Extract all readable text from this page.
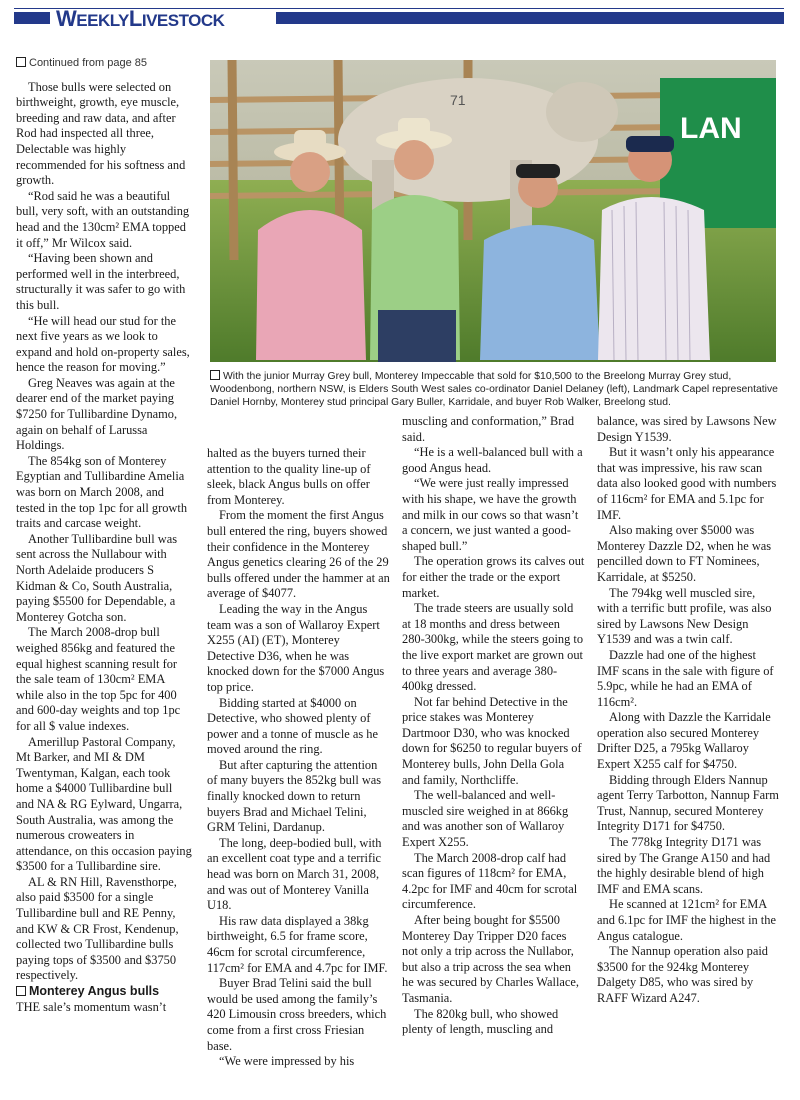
WEEKLYLIVESTOCK
Continued from page 85

Those bulls were selected on birthweight, growth, eye muscle, breeding and raw data, and after Rod had inspected all three, Delectable was highly recommended for his softness and growth.

“Rod said he was a beautiful bull, very soft, with an outstanding head and the 130cm² EMA topped it off,” Mr Wilcox said.

“Having been shown and performed well in the interbreed, structurally it was safer to go with this bull.

“He will head our stud for the next five years as we look to expand and hold on-property sales, hence the reason for moving.”

Greg Neaves was again at the dearer end of the market paying $7250 for Tullibardine Dynamo, again on behalf of Larussa Holdings.

The 854kg son of Monterey Egyptian and Tullibardine Amelia was born on March 2008, and tested in the top 1pc for all growth traits and carcase weight.

Another Tullibardine bull was sent across the Nullabour with North Adelaide producers S Kidman & Co, South Australia, paying $5500 for Dependable, a Monterey Gotcha son.

The March 2008-drop bull weighed 856kg and featured the equal highest scanning result for the sale team of 130cm² EMA while also in the top 5pc for 400 and 600-day weights and top 1pc for all $ value indexes.

Amerillup Pastoral Company, Mt Barker, and MI & DM Twentyman, Kalgan, each took home a $4000 Tullibardine bull and NA & RG Eylward, Ungarra, South Australia, was among the numerous croweaters in attendance, on this occasion paying $3500 for a Tullibardine sire.

AL & RN Hill, Ravensthorpe, also paid $3500 for a single Tullibardine bull and RE Penny, and KW & CR Frost, Kendenup, collected two Tullibardine bulls paying tops of $3500 and $3750 respectively.

Monterey Angus bulls

THE sale’s momentum wasn’t

LAN
71
With the junior Murray Grey bull, Monterey Impeccable that sold for $10,500 to the Breelong Murray Grey stud, Woodenbong, northern NSW, is Elders South West sales co-ordinator Daniel Delaney (left), Landmark Capel representative Daniel Hornby, Monterey stud principal Gary Buller, Karridale, and buyer Rob Walker, Breelong stud.

halted as the buyers turned their attention to the quality line-up of sleek, black Angus bulls on offer from Monterey.

From the moment the first Angus bull entered the ring, buyers showed their confidence in the Monterey Angus genetics clearing 26 of the 29 bulls offered under the hammer at an average of $4077.

Leading the way in the Angus team was a son of Wallaroy Expert X255 (AI) (ET), Monterey Detective D36, when he was knocked down for the $7000 Angus top price.

Bidding started at $4000 on Detective, who showed plenty of power and a tonne of muscle as he moved around the ring.

But after capturing the attention of many buyers the 852kg bull was finally knocked down to return buyers Brad and Michael Telini, GRM Telini, Dardanup.

The long, deep-bodied bull, with an excellent coat type and a terrific head was born on March 31, 2008, and was out of Monterey Vanilla U18.

His raw data displayed a 38kg birthweight, 6.5 for frame score, 46cm for scrotal circumference, 117cm² for EMA and 4.7pc for IMF.

Buyer Brad Telini said the bull would be used among the family’s 420 Limousin cross breeders, which come from a first cross Friesian base.

“We were impressed by his

muscling and conformation,” Brad said.

“He is a well-balanced bull with a good Angus head.

“We were just really impressed with his shape, we have the growth and milk in our cows so that wasn’t a concern, we just wanted a good-shaped bull.”

The operation grows its calves out for either the trade or the export market.

The trade steers are usually sold at 18 months and dress between 280-300kg, while the steers going to the live export market are grown out to three years and average 380-400kg dressed.

Not far behind Detective in the price stakes was Monterey Dartmoor D30, who was knocked down for $6250 to regular buyers of Monterey bulls, John Della Gola and family, Northcliffe.

The well-balanced and well-muscled sire weighed in at 866kg and was another son of Wallaroy Expert X255.

The March 2008-drop calf had scan figures of 118cm² for EMA, 4.2pc for IMF and 40cm for scrotal circumference.

After being bought for $5500 Monterey Day Tripper D20 faces not only a trip across the Nullabor, but also a trip across the sea when he was secured by Charles Wallace, Tasmania.

The 820kg bull, who showed plenty of length, muscling and

balance, was sired by Lawsons New Design Y1539.

But it wasn’t only his appearance that was impressive, his raw scan data also looked good with numbers of 116cm² for EMA and 5.1pc for IMF.

Also making over $5000 was Monterey Dazzle D2, when he was pencilled down to FT Nominees, Karridale, at $5250.

The 794kg well muscled sire, with a terrific butt profile, was also sired by Lawsons New Design Y1539 and was a twin calf.

Dazzle had one of the highest IMF scans in the sale with figure of 5.9pc, while he had an EMA of 116cm².

Along with Dazzle the Karridale operation also secured Monterey Drifter D25, a 795kg Wallaroy Expert X255 calf for $4750.

Bidding through Elders Nannup agent Terry Tarbotton, Nannup Farm Trust, Nannup, secured Monterey Integrity D171 for $4750.

The 778kg Integrity D171 was sired by The Grange A150 and had the highly desirable blend of high IMF and EMA scans.

He scanned at 121cm² for EMA and 6.1pc for IMF the highest in the Angus catalogue.

The Nannup operation also paid $3500 for the 924kg Monterey Dalgety D85, who was sired by RAFF Wizard A247.
